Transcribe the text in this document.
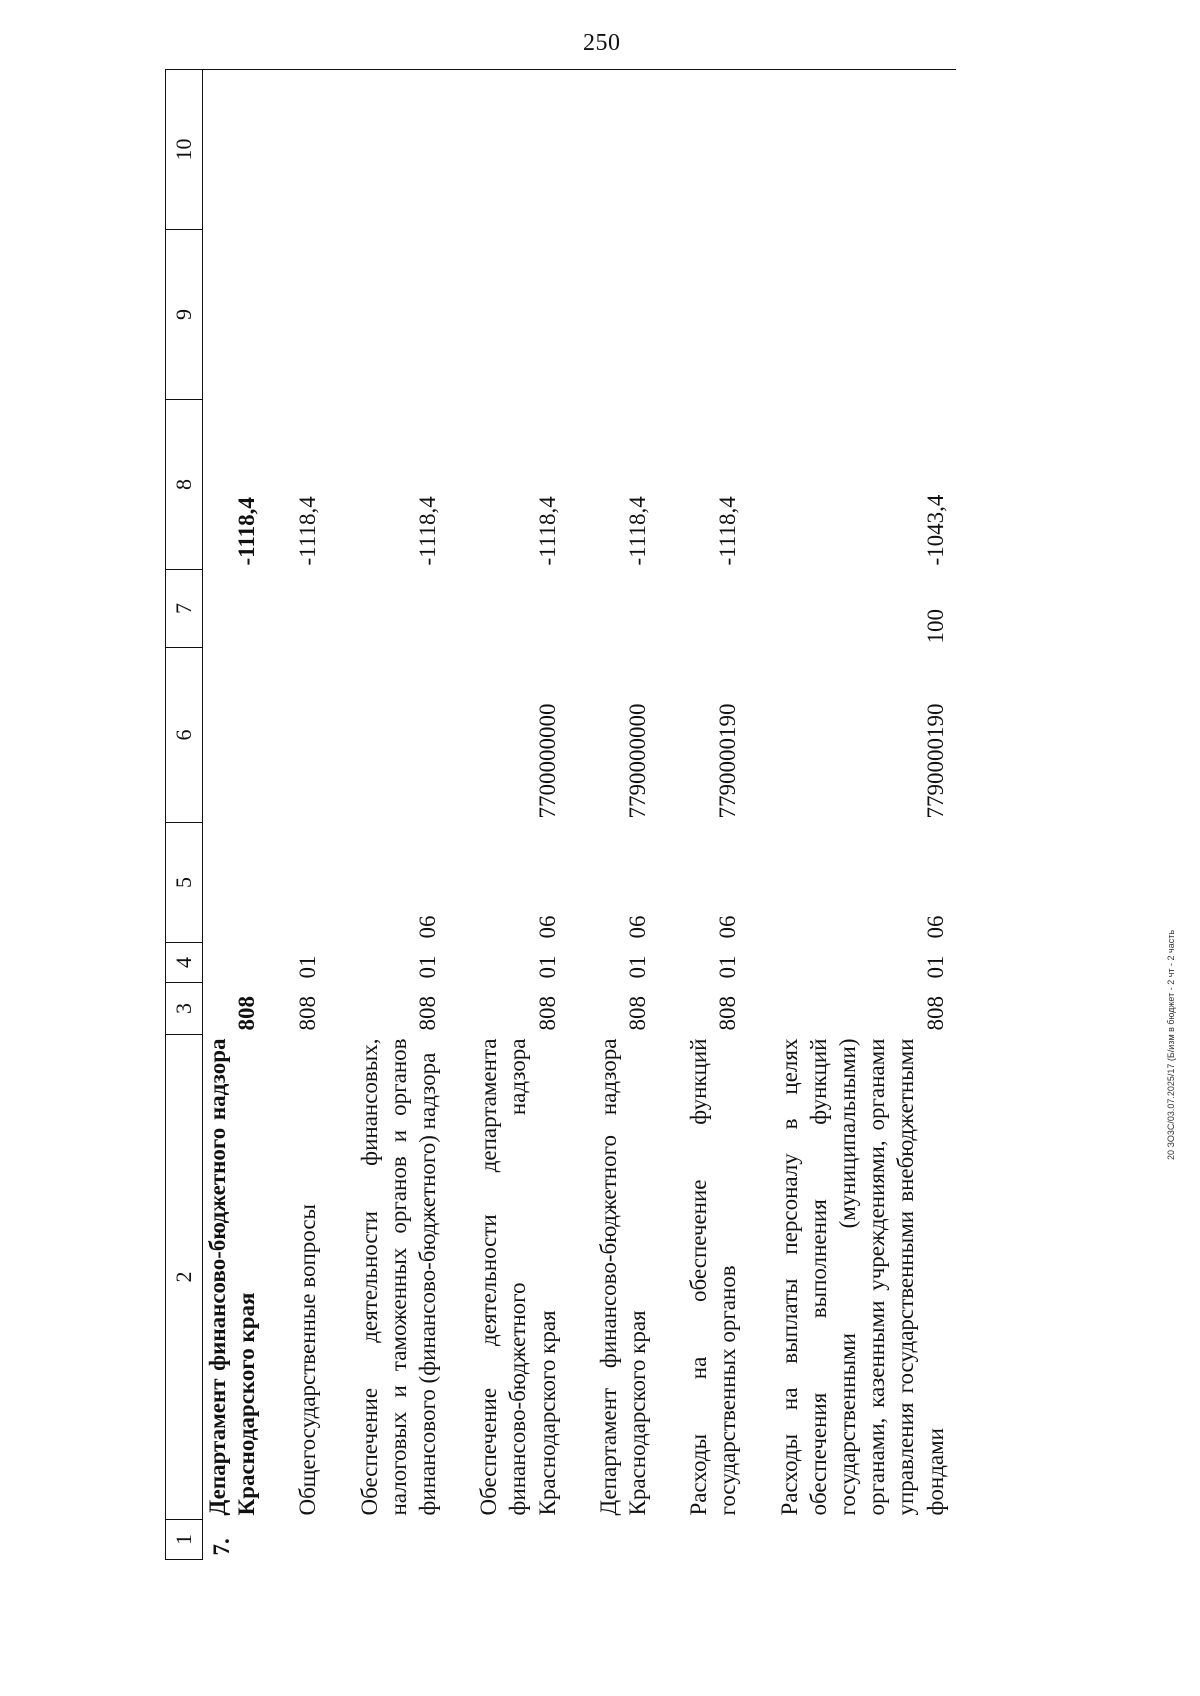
250
1	2	3	4	5	6	7	8	9	10
7.	Департамент финансово-бюджетного надзора Краснодарского края	808					-1118,4		

	Общегосударственные вопросы	808	01				-1118,4		

	Обеспечение деятельности финансовых, налоговых и таможенных органов и органов финансового (финансово-бюджетного) надзора	808	01	06			-1118,4		

	Обеспечение деятельности департамента финансово-бюджетного надзора Краснодарского края	808	01	06	7700000000		-1118,4		

	Департамент финансово-бюджетного надзора Краснодарского края	808	01	06	7790000000		-1118,4		

	Расходы на обеспечение функций государственных органов	808	01	06	7790000190		-1118,4		

	Расходы на выплаты персоналу в целях обеспечения выполнения функций государственными (муниципальными) органами, казенными учреждениями, органами управления государственными внебюджетными фондами	808	01	06	7790000190	100	-1043,4		
20 ЗО3С/03.07.2025/17 (Б/изм в бюджет - 2 чт - 2 часть
